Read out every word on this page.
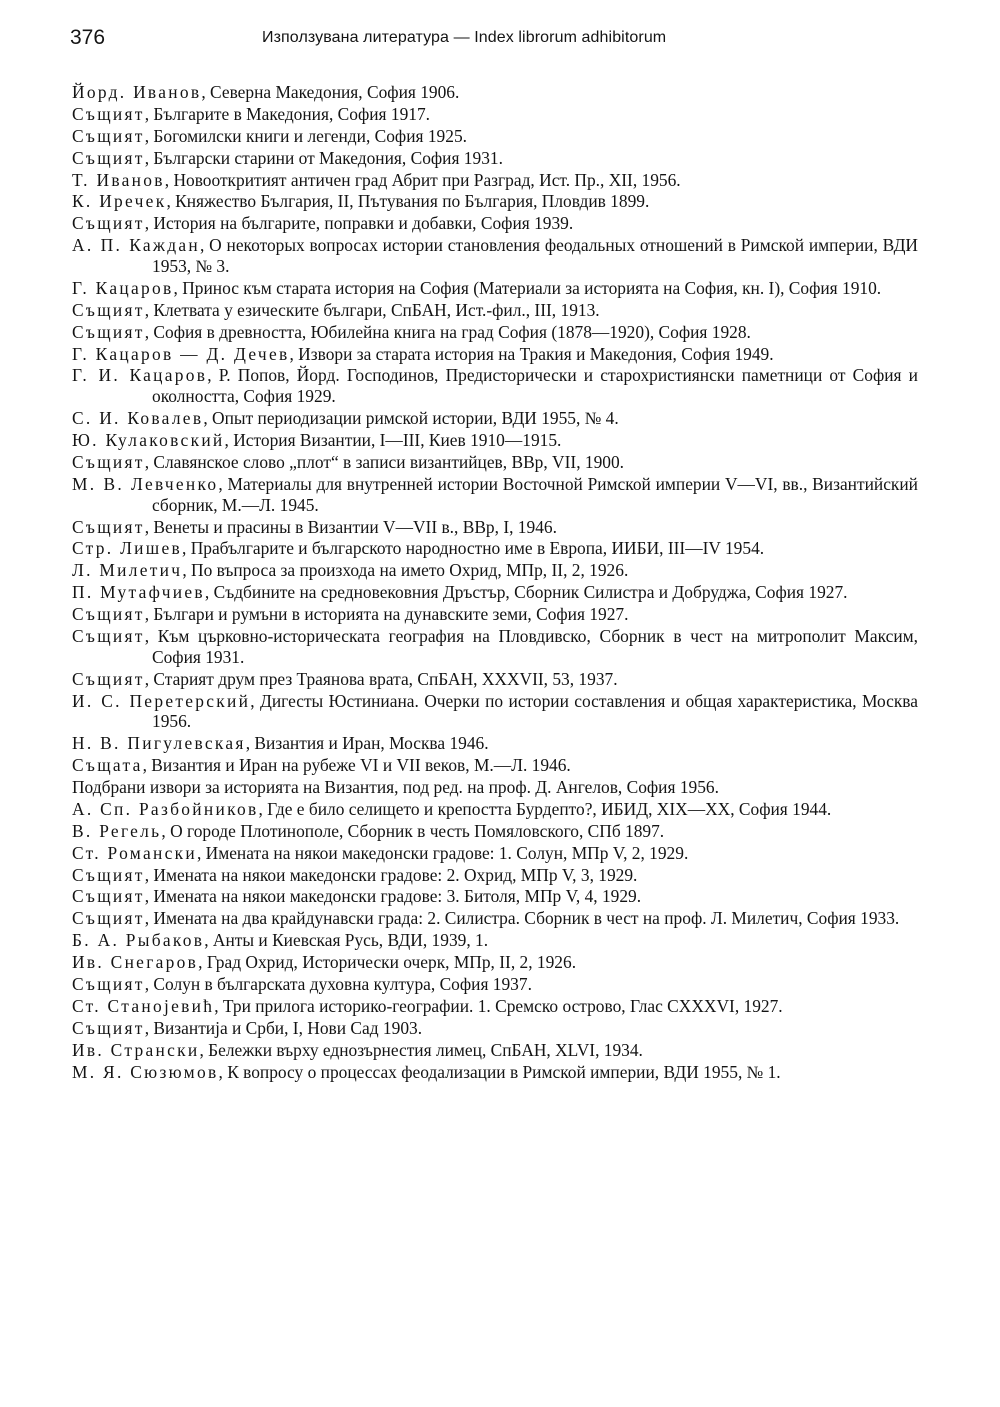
376	Използувана литература — Index librorum adhibitorum
Йорд. Иванов, Северна Македония, София 1906.
Същият, Българите в Македония, София 1917.
Същият, Богомилски книги и легенди, София 1925.
Същият, Български старини от Македония, София 1931.
Т. Иванов, Новооткритият античен град Абрит при Разград, Ист. Пр., XII, 1956.
К. Иречек, Княжество България, II, Пътувания по България, Пловдив 1899.
Същият, История на българите, поправки и добавки, София 1939.
А. П. Каждан, О некоторых вопросах истории становления феодальных отношений в Римской империи, ВДИ 1953, № 3.
Г. Кацаров, Принос към старата история на София (Материали за историята на София, кн. I), София 1910.
Същият, Клетвата у езическите българи, СпБАН, Ист.-фил., III, 1913.
Същият, София в древността, Юбилейна книга на град София (1878—1920), София 1928.
Г. Кацаров — Д. Дечев, Извори за старата история на Тракия и Македония, София 1949.
Г. И. Кацаров, Р. Попов, Йорд. Господинов, Предисторически и старохристиянски паметници от София и околността, София 1929.
С. И. Ковалев, Опыт периодизации римской истории, ВДИ 1955, № 4.
Ю. Кулаковский, История Византии, I—III, Киев 1910—1915.
Същият, Славянское слово „плот“ в записи византийцев, ВВр, VII, 1900.
М. В. Левченко, Материалы для внутренней истории Восточной Римской империи V—VI, вв., Византийский сборник, М.—Л. 1945.
Същият, Венеты и прасины в Византии V—VII в., ВВр, I, 1946.
Стр. Лишев, Прабългарите и българското народностно име в Европа, ИИБИ, III—IV 1954.
Л. Милетич, По въпроса за произхода на името Охрид, МПр, II, 2, 1926.
П. Мутафчиев, Съдбините на средновековния Дръстър, Сборник Силистра и Добруджа, София 1927.
Същият, Българи и румъни в историята на дунавските земи, София 1927.
Същият, Към църковно-историческата география на Пловдивско, Сборник в чест на митрополит Максим, София 1931.
Същият, Старият друм през Траянова врата, СпБАН, XXXVII, 53, 1937.
И. С. Перетерский, Дигесты Юстиниана. Очерки по истории составления и общая характеристика, Москва 1956.
Н. В. Пигулевская, Византия и Иран, Москва 1946.
Същата, Византия и Иран на рубеже VI и VII веков, М.—Л. 1946.
Подбрани извори за историята на Византия, под ред. на проф. Д. Ангелов, София 1956.
А. Сп. Разбойников, Где е било селището и крепостта Бурдепто?, ИБИД, XIX—XX, София 1944.
В. Регель, О городе Плотинополе, Сборник в честь Помяловского, СПб 1897.
Ст. Романски, Имената на някои македонски градове: 1. Солун, МПр V, 2, 1929.
Същият, Имената на някои македонски градове: 2. Охрид, МПр V, 3, 1929.
Същият, Имената на някои македонски градове: 3. Битоля, МПр V, 4, 1929.
Същият, Имената на два крайдунавски града: 2. Силистра. Сборник в чест на проф. Л. Милетич, София 1933.
Б. А. Рыбаков, Анты и Киевская Русь, ВДИ, 1939, 1.
Ив. Снегаров, Град Охрид, Исторически очерк, МПр, II, 2, 1926.
Същият, Солун в българската духовна култура, София 1937.
Ст. Станојевић, Три прилога историко-географии. 1. Сремско острово, Глас CXXXVI, 1927.
Същият, Византија и Срби, I, Нови Сад 1903.
Ив. Странски, Бележки върху еднозърнестия лимец, СпБАН, XLVI, 1934.
М. Я. Сюзюмов, К вопросу о процессах феодализации в Римской империи, ВДИ 1955, № 1.
